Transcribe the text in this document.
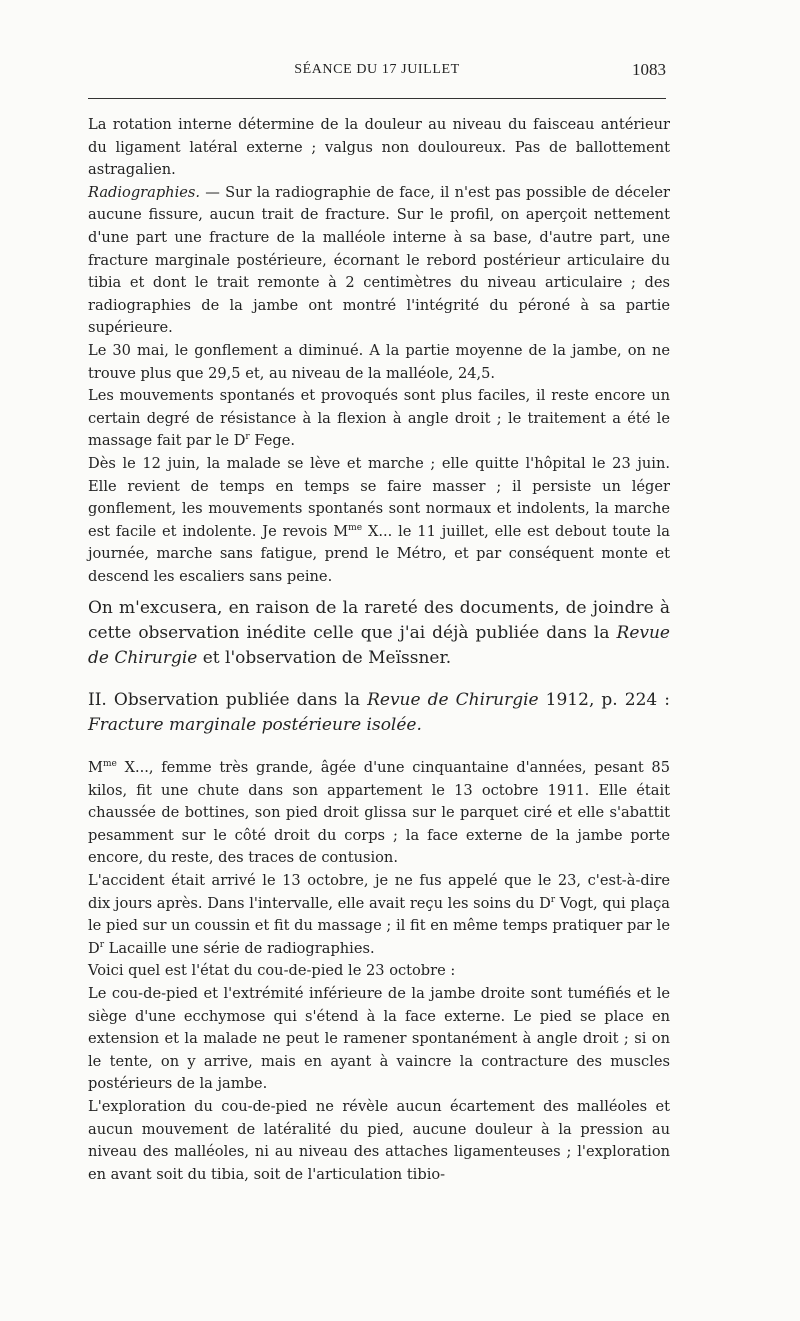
SÉANCE DU 17 JUILLET	1083

La rotation interne détermine de la douleur au niveau du faisceau antérieur du ligament latéral externe ; valgus non douloureux. Pas de ballottement astragalien.

Radiographies. — Sur la radiographie de face, il n'est pas possible de déceler aucune fissure, aucun trait de fracture. Sur le profil, on aperçoit nettement d'une part une fracture de la malléole interne à sa base, d'autre part, une fracture marginale postérieure, écornant le rebord postérieur articulaire du tibia et dont le trait remonte à 2 centimètres du niveau articulaire ; des radiographies de la jambe ont montré l'intégrité du péroné à sa partie supérieure.

Le 30 mai, le gonflement a diminué. A la partie moyenne de la jambe, on ne trouve plus que 29,5 et, au niveau de la malléole, 24,5.

Les mouvements spontanés et provoqués sont plus faciles, il reste encore un certain degré de résistance à la flexion à angle droit ; le traitement a été le massage fait par le $D^r$ Fege.

Dès le 12 juin, la malade se lève et marche ; elle quitte l'hôpital le 23 juin. Elle revient de temps en temps se faire masser ; il persiste un léger gonflement, les mouvements spontanés sont normaux et indolents, la marche est facile et indolente. Je revois $M^{me}$ X... le 11 juillet, elle est debout toute la journée, marche sans fatigue, prend le Métro, et par conséquent monte et descend les escaliers sans peine.

On m'excusera, en raison de la rareté des documents, de joindre à cette observation inédite celle que j'ai déjà publiée dans la Revue de Chirurgie et l'observation de Meïssner.

II. Observation publiée dans la Revue de Chirurgie 1912, p. 224 : Fracture marginale postérieure isolée.

$M^{me}$ X..., femme très grande, âgée d'une cinquantaine d'années, pesant 85 kilos, fit une chute dans son appartement le 13 octobre 1911. Elle était chaussée de bottines, son pied droit glissa sur le parquet ciré et elle s'abattit pesamment sur le côté droit du corps ; la face externe de la jambe porte encore, du reste, des traces de contusion.

L'accident était arrivé le 13 octobre, je ne fus appelé que le 23, c'est-à-dire dix jours après. Dans l'intervalle, elle avait reçu les soins du $D^r$ Vogt, qui plaça le pied sur un coussin et fit du massage ; il fit en même temps pratiquer par le $D^r$ Lacaille une série de radiographies.

Voici quel est l'état du cou-de-pied le 23 octobre :

Le cou-de-pied et l'extrémité inférieure de la jambe droite sont tuméfiés et le siège d'une ecchymose qui s'étend à la face externe. Le pied se place en extension et la malade ne peut le ramener spontanément à angle droit ; si on le tente, on y arrive, mais en ayant à vaincre la contracture des muscles postérieurs de la jambe.

L'exploration du cou-de-pied ne révèle aucun écartement des malléoles et aucun mouvement de latéralité du pied, aucune douleur à la pression au niveau des malléoles, ni au niveau des attaches ligamenteuses ; l'exploration en avant soit du tibia, soit de l'articulation tibio-
